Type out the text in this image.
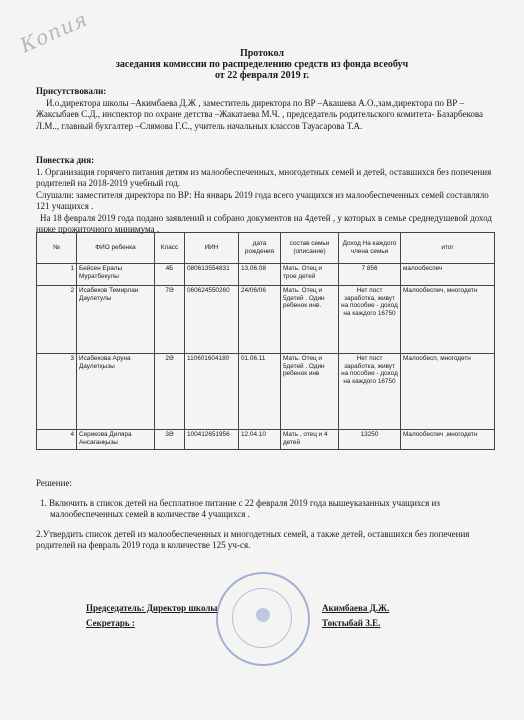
Копия	Протокол
заседания комиссии по распределению средств из фонда всеобуч
от 22 февраля 2019 г.
Присутствовали:
И.о.директора школы –Акимбаева Д.Ж , заместитель директора по ВР –Акашева А.О.,зам.директора по ВР – Жаксыбаев С.Д., инспектор по охране детства –Жакатаева М.Ч. , председатель родительского комитета- Базарбекова Л.М.., главный бухгалтер –Слямова Г.С., учитель начальных классов Тауасарова Т.А.
Повестка дня:
1. Организация горячего питания детям из малообеспеченных, многодетных семей и детей, оставшихся без попечения родителей на 2018-2019 учебный год.
Слушали: заместителя директора по ВР: На январь 2019 года всего учащихся из малообеспеченных семей составляло 121 учащихся .
На 18 февраля 2019 года подано заявлений и собрано документов на 4детей , у которых в семье среднедушевой доход ниже прожиточного минимума .
№	ФИО ребенка	Класс	ИИН	дата рождения	состав семьи (описание)	Доход На каждого члена семьи	итог
1	Бейсен Ералы Муратбекулы	4Б	080613554831	13,06.08	Мать. Отец и трое детей	7 856	малообеспеч
2	Исабеков Темирлан Даулетулы	7Ә	060624550260	24/06/06	Мать. Отец и 5детей . Один ребенок инв.	Нет пост заработка, живут на пособие - доход на каждого 16750	Малообеспеч, многодетн
3	Исабекова Аруна Даулетқызы	2Ә	110601604180	01.06.11	Мать. Отец и 5детей . Один ребенок инв	Нет пост заработка, живут на пособие - доход на каждого 16750	Малообесп, многодетн
4	Серикова Диляра Ансағанқызы	3Ә	100412651956	12.04.10	Мать , отец и 4 детей	13250	Малообеспеч ,многодетн
Решение:
1. Включить в список детей на бесплатное питание с 22 февраля 2019 года вышеуказанных учащихся из малообеспеченных семей в количестве 4 учащихся .
2.Утвердить список детей из малообеспеченных и многодетных семей, а также детей, оставшихся без попечения родителей на февраль 2019 года в количестве 125 уч-ся.
Председатель: Директор школы	Акимбаева Д.Ж.
Секретарь :	Токтыбай З.Е.
